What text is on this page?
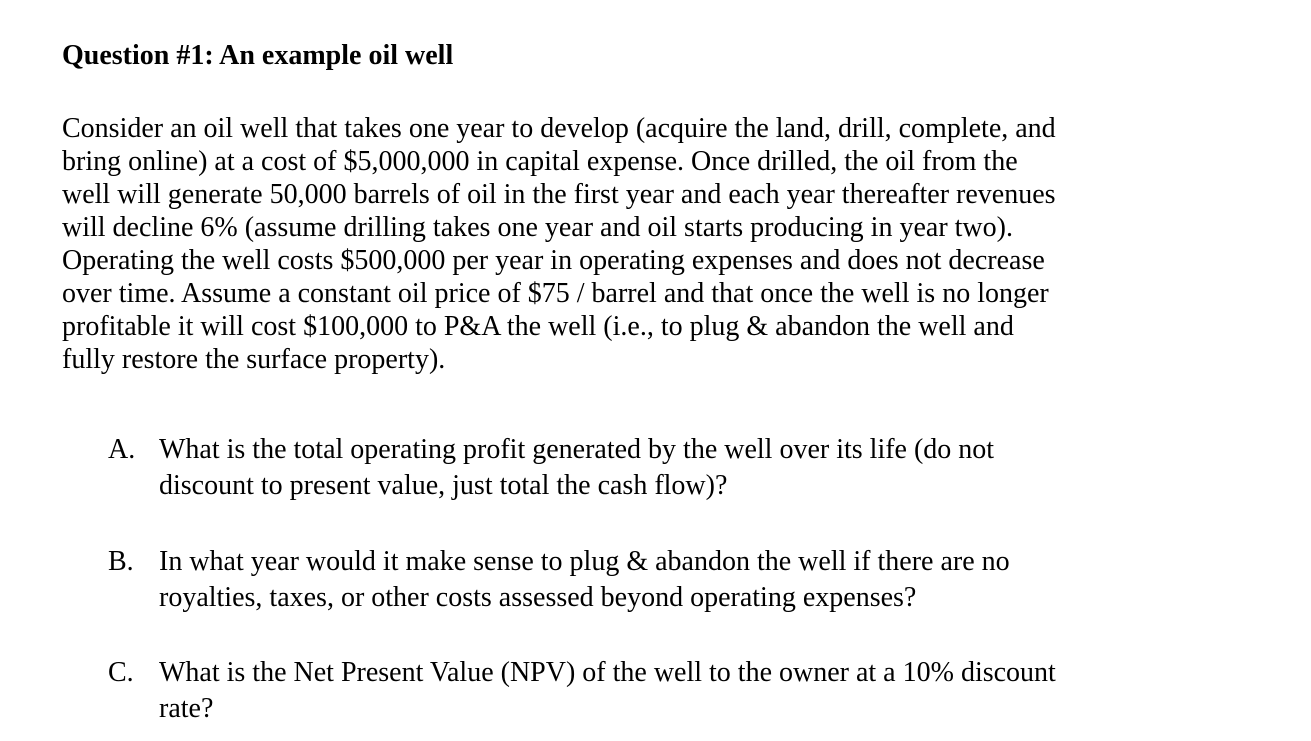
Question #1: An example oil well

Consider an oil well that takes one year to develop (acquire the land, drill, complete, and
bring online) at a cost of $5,000,000 in capital expense. Once drilled, the oil from the
well will generate 50,000 barrels of oil in the first year and each year thereafter revenues
will decline 6% (assume drilling takes one year and oil starts producing in year two).
Operating the well costs $500,000 per year in operating expenses and does not decrease
over time. Assume a constant oil price of $75 / barrel and that once the well is no longer
profitable it will cost $100,000 to P&A the well (i.e., to plug & abandon the well and
fully restore the surface property).

A. What is the total operating profit generated by the well over its life (do not
discount to present value, just total the cash flow)?
B. In what year would it make sense to plug & abandon the well if there are no
royalties, taxes, or other costs assessed beyond operating expenses?
C. What is the Net Present Value (NPV) of the well to the owner at a 10% discount
rate?
